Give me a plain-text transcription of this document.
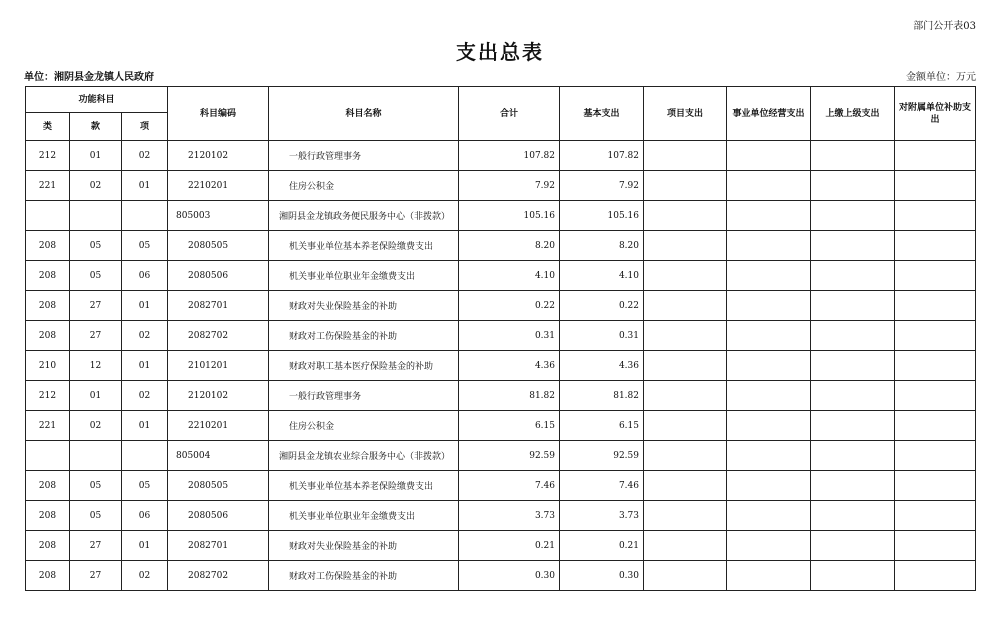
部门公开表03
支出总表
单位：湘阴县金龙镇人民政府	金额单位：万元
功能科目			科目编码	科目名称	合计	基本支出	项目支出	事业单位经营支出	上缴上级支出	对附属单位补助支出
类	款	项								
212	01	02	2120102	一般行政管理事务	107.82	107.82				
221	02	01	2210201	住房公积金	7.92	7.92				
			805003	湘阴县金龙镇政务便民服务中心（非拨款）	105.16	105.16				
208	05	05	2080505	机关事业单位基本养老保险缴费支出	8.20	8.20				
208	05	06	2080506	机关事业单位职业年金缴费支出	4.10	4.10				
208	27	01	2082701	财政对失业保险基金的补助	0.22	0.22				
208	27	02	2082702	财政对工伤保险基金的补助	0.31	0.31				
210	12	01	2101201	财政对职工基本医疗保险基金的补助	4.36	4.36				
212	01	02	2120102	一般行政管理事务	81.82	81.82				
221	02	01	2210201	住房公积金	6.15	6.15				
			805004	湘阴县金龙镇农业综合服务中心（非拨款）	92.59	92.59				
208	05	05	2080505	机关事业单位基本养老保险缴费支出	7.46	7.46				
208	05	06	2080506	机关事业单位职业年金缴费支出	3.73	3.73				
208	27	01	2082701	财政对失业保险基金的补助	0.21	0.21				
208	27	02	2082702	财政对工伤保险基金的补助	0.30	0.30				
